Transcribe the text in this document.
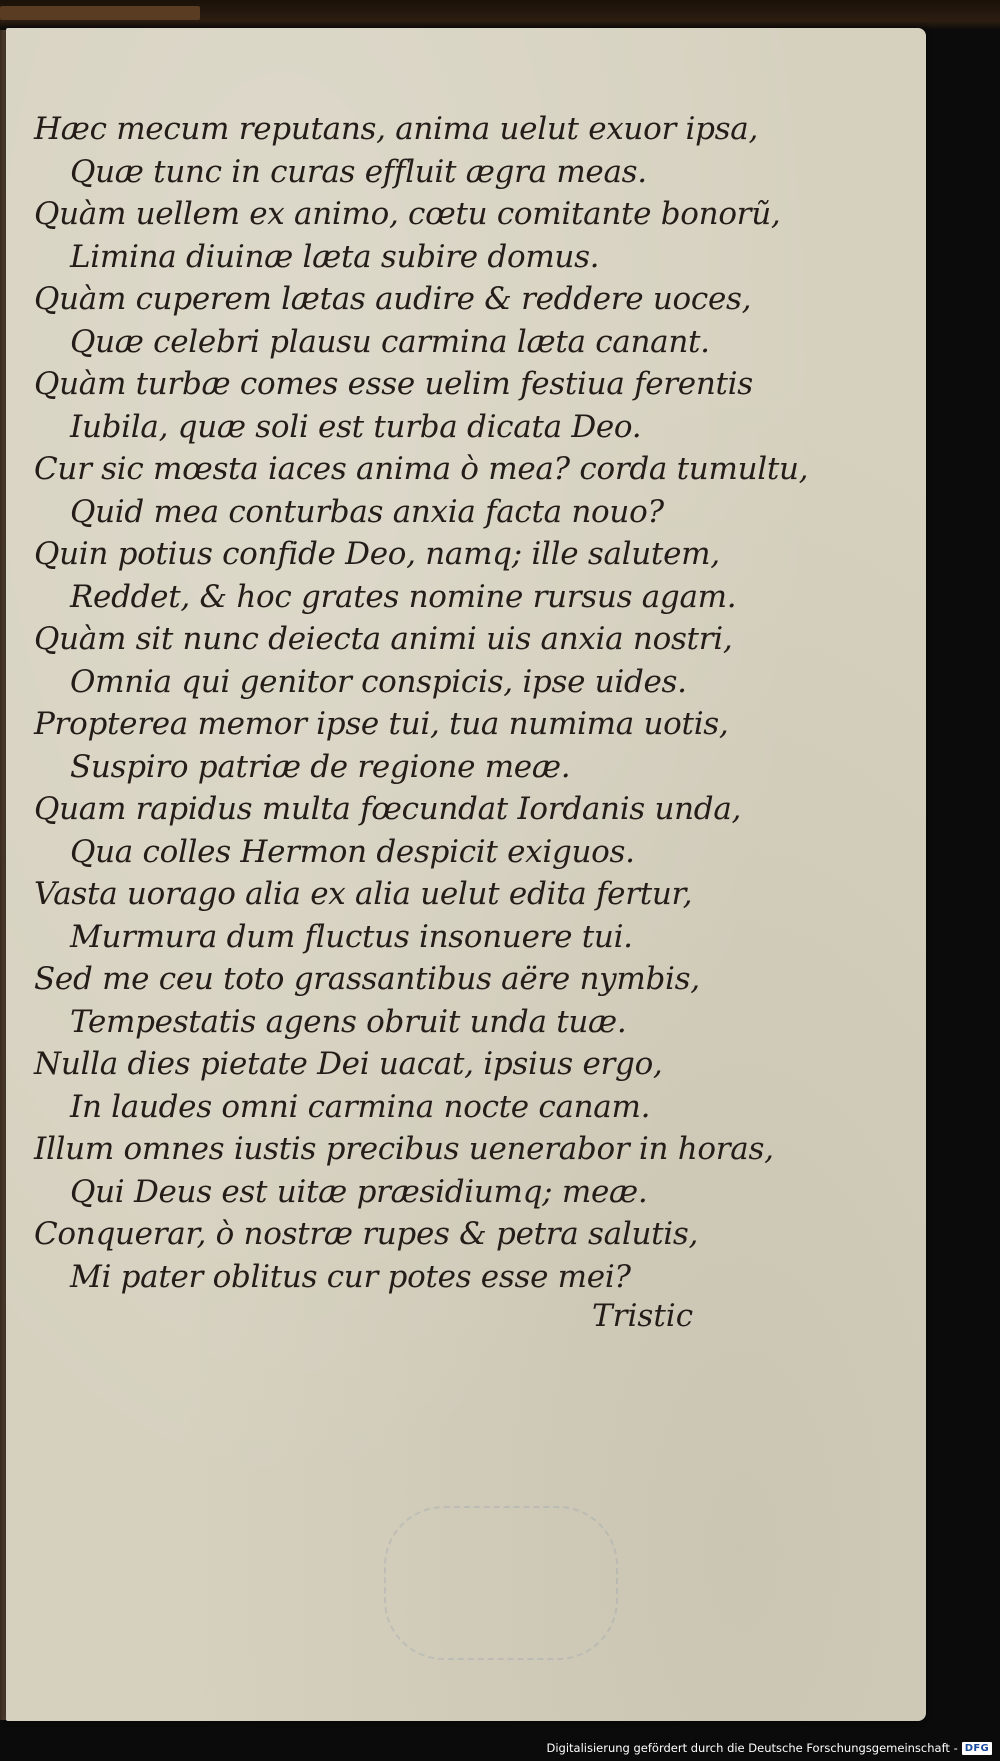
Hæc mecum reputans, anima uelut exuor ipsa,
Quæ tunc in curas effluit ægra meas.
Quàm uellem ex animo, cœtu comitante bonorũ,
Limina diuinæ læta subire domus.
Quàm cuperem lætas audire & reddere uoces,
Quæ celebri plausu carmina læta canant.
Quàm turbæ comes esse uelim festiua ferentis
Iubila, quæ soli est turba dicata Deo.
Cur sic mœsta iaces anima ò mea? corda tumultu,
Quid mea conturbas anxia facta nouo?
Quin potius confide Deo, namq; ille salutem,
Reddet, & hoc grates nomine rursus agam.
Quàm sit nunc deiecta animi uis anxia nostri,
Omnia qui genitor conspicis, ipse uides.
Propterea memor ipse tui, tua numima uotis,
Suspiro patriæ de regione meæ.
Quam rapidus multa fœcundat Iordanis unda,
Qua colles Hermon despicit exiguos.
Vasta uorago alia ex alia uelut edita fertur,
Murmura dum fluctus insonuere tui.
Sed me ceu toto grassantibus aëre nymbis,
Tempestatis agens obruit unda tuæ.
Nulla dies pietate Dei uacat, ipsius ergo,
In laudes omni carmina nocte canam.
Illum omnes iustis precibus uenerabor in horas,
Qui Deus est uitæ præsidiumq; meæ.
Conquerar, ò nostræ rupes & petra salutis,
Mi pater oblitus cur potes esse mei?
Tristic
Digitalisierung gefördert durch die Deutsche Forschungsgemeinschaft - DFG
